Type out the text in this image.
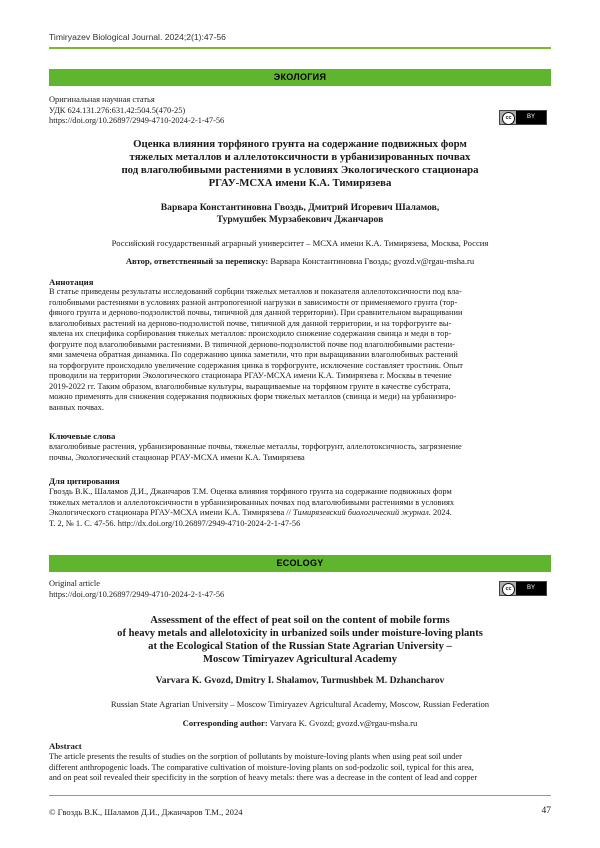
Timiryazev Biological Journal. 2024;2(1):47-56
ЭКОЛОГИЯ
Оригинальная научная статья
УДК 624.131.276:631.42:504.5(470-25)
https://doi.org/10.26897/2949-4710-2024-2-1-47-56	cc	BY
Оценка влияния торфяного грунта на содержание подвижных форм
тяжелых металлов и аллелотоксичности в урбанизированных почвах
под влаголюбивыми растениями в условиях Экологического стационара
РГАУ-МСХА имени К.А. Тимирязева
Варвара Константиновна Гвоздь, Дмитрий Игоревич Шаламов,
Турмушбек Мурзабекович Джанчаров
Российский государственный аграрный университет – МСХА имени К.А. Тимирязева, Москва, Россия
Автор, ответственный за переписку: Варвара Константиновна Гвоздь; gvozd.v@rgau-msha.ru
Аннотация
В статье приведены результаты исследований сорбции тяжелых металлов и показателя аллелотоксичности под вла-
голюбивыми растениями в условиях разной антропогенной нагрузки в зависимости от применяемого грунта (тор-
фяного грунта и дерново-подзолистой почвы, типичной для данной территории). При сравнительном выращивании
влаголюбивых растений на дерново-подзолистой почве, типичной для данной территории, и на торфогрунте вы-
явлена их специфика сорбирования тяжелых металлов: происходило снижение содержания свинца и меди в тор-
фогрунте под влаголюбивыми растениями. В типичной дерново-подзолистой почве под влаголюбивыми растени-
ями замечена обратная динамика. По содержанию цинка заметили, что при выращивании влаголюбивых растений
на торфогрунте происходило увеличение содержания цинка в торфогрунте, исключение составляет тростник. Опыт
проводили на территории Экологического стационара РГАУ-МСХА имени К.А. Тимирязева г. Москвы в течение
2019-2022 гг. Таким образом, влаголюбивые культуры, выращиваемые на торфяном грунте в качестве субстрата,
можно применять для снижения содержания подвижных форм тяжелых металлов (свинца и меди) на урбанизиро-
ванных почвах.
Ключевые слова
влаголюбивые растения, урбанизированные почвы, тяжелые металлы, торфогрунт, аллелотоксичность, загрязнение
почвы, Экологический стационар РГАУ-МСХА имени К.А. Тимирязева
Для цитирования
Гвоздь В.К., Шаламов Д.И., Джанчаров Т.М. Оценка влияния торфяного грунта на содержание подвижных форм
тяжелых металлов и аллелотоксичности в урбанизированных почвах под влаголюбивыми растениями в условиях
Экологического стационара РГАУ-МСХА имени К.А. Тимирязева // Тимирязевский биологический журнал. 2024.
Т. 2, № 1. С. 47-56. http://dx.doi.org/10.26897/2949-4710-2024-2-1-47-56
ECOLOGY
Original article
https://doi.org/10.26897/2949-4710-2024-2-1-47-56
cc	BY
Assessment of the effect of peat soil on the content of mobile forms
of heavy metals and allelotoxicity in urbanized soils under moisture-loving plants
at the Ecological Station of the Russian State Agrarian University –
Moscow Timiryazev Agricultural Academy
Varvara K. Gvozd, Dmitry I. Shalamov, Turmushbek M. Dzhancharov
Russian State Agrarian University – Moscow Timiryazev Agricultural Academy, Moscow, Russian Federation
Corresponding author: Varvara K. Gvozd; gvozd.v@rgau-msha.ru
Abstract
The article presents the results of studies on the sorption of pollutants by moisture-loving plants when using peat soil under
different anthropogenic loads. The comparative cultivation of moisture-loving plants on sod-podzolic soil, typical for this area,
and on peat soil revealed their specificity in the sorption of heavy metals: there was a decrease in the content of lead and copper
© Гвоздь В.К., Шаламов Д.И., Джанчаров Т.М., 2024	47
